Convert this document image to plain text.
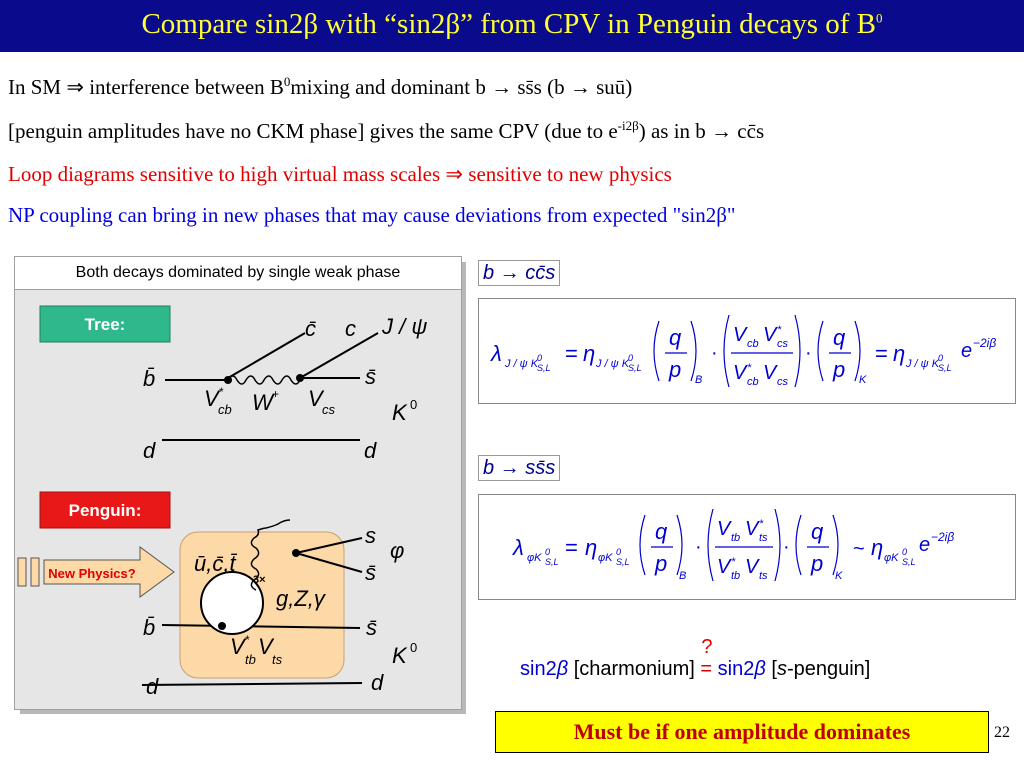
Compare sin2β with “sin2β” from CPV in Penguin decays of $B^0$
In SM ⇒ interference between $B^0mixing$ and dominant b → ss̄s (b → suū)
[penguin amplitudes have no CKM phase] gives the same CPV (due to $e^{-i2\beta}$) as in b → cc̄s
Loop diagrams sensitive to high virtual mass scales ⇒ sensitive to new physics
NP coupling can bring in new phases that may cause deviations from expected "sin2β"
Both decays dominated by single weak phase
Tree:	c̄ c J / ψ
b̄	s̄
V *
cb W + V cs	K 0
d	d
Penguin:
New Physics?
s
φ
s̄
ū,c̄,t̄
3×
g,Z,γ
b̄	s̄
V *
tb
V
ts	K 0
d	d
b → cc̄s
λ J / ψ K
0
S,L
= η J / ψ K
0
S,L
q
p B
·
V cb V *
cs
V *
cb V cs
·
q
p K
= η J / ψ K
0
S,L
e −2iβ
b → ss̄s
λ φK 0
S,L
= η φK 0
S,L
q
p B
·
V tb V *
ts
V *
tb V ts
·
q
p K
~ η φK 0
S,L
e −2iβ
sin2β [charmonium]
?
= sin2β [s-penguin]
Must be if one amplitude dominates	22
